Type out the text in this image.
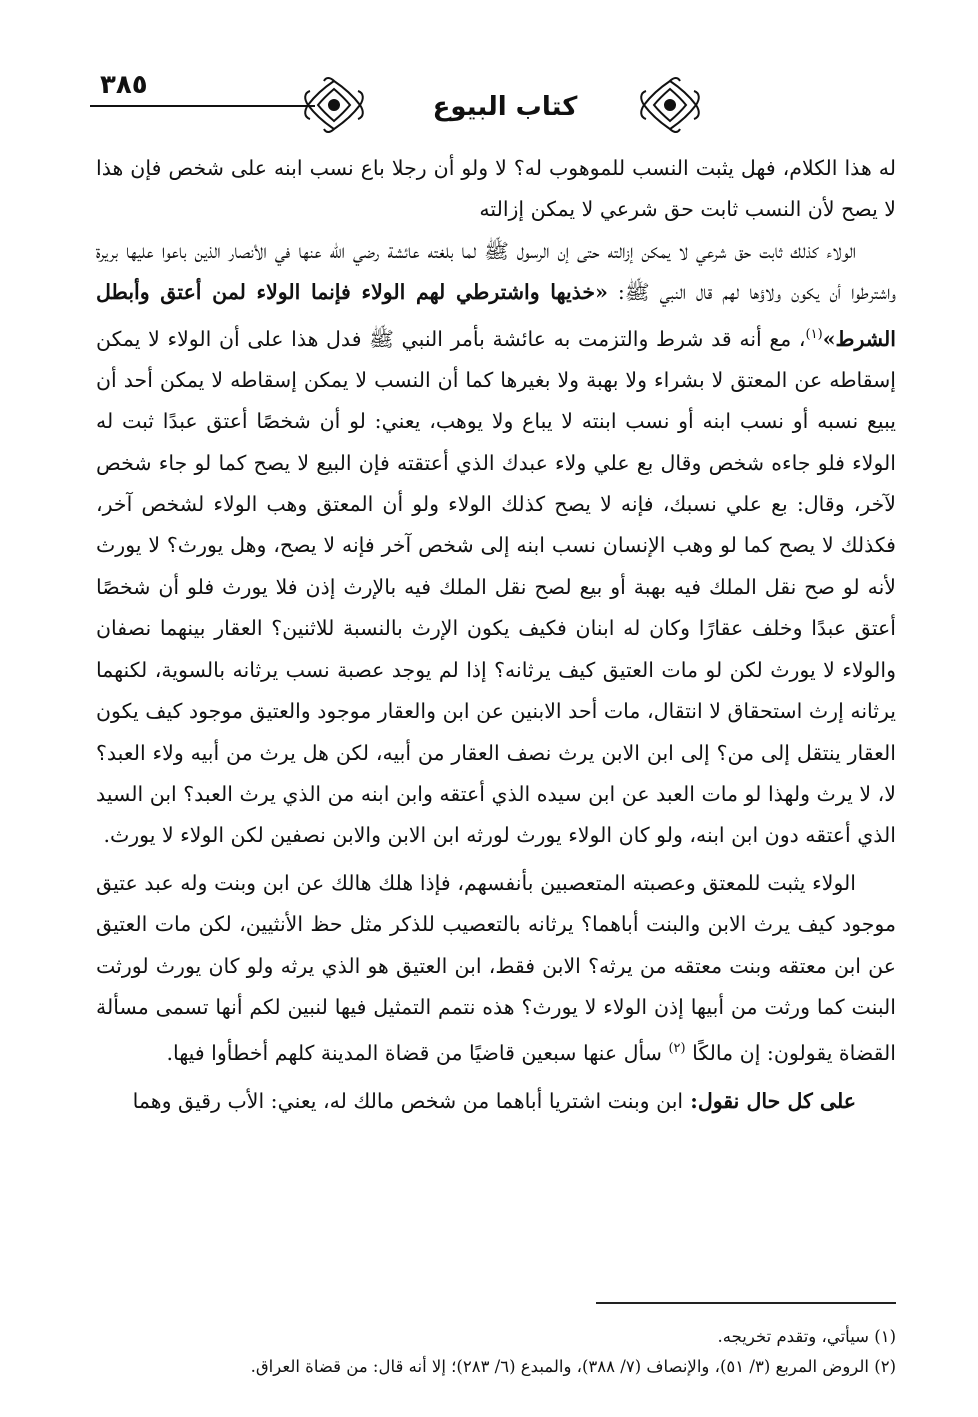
٣٨٥
كتاب البيوع

له هذا الكلام، فهل يثبت النسب للموهوب له؟ لا ولو أن رجلا باع نسب ابنه على شخص فإن هذا لا يصح لأن النسب ثابت حق شرعي لا يمكن إزالته

الولاء كذلك ثابت حق شرعي لا يمكن إزالته حتى إن الرسول ﷺ لما بلغته عائشة رضي الله عنها في الأنصار الذين باعوا عليها بريرة واشترطوا أن يكون ولاؤها لهم قال النبي ﷺ: «خذيها واشترطي لهم الولاء فإنما الولاء لمن أعتق وأبطل الشرط»$^{(١)}$، مع أنه قد شرط والتزمت به عائشة بأمر النبي ﷺ فدل هذا على أن الولاء لا يمكن إسقاطه عن المعتق لا بشراء ولا بهبة ولا بغيرها كما أن النسب لا يمكن إسقاطه لا يمكن أحد أن يبيع نسبه أو نسب ابنه أو نسب ابنته لا يباع ولا يوهب، يعني: لو أن شخصًا أعتق عبدًا ثبت له الولاء فلو جاءه شخص وقال بع علي ولاء عبدك الذي أعتقته فإن البيع لا يصح كما لو جاء شخص لآخر، وقال: بع علي نسبك، فإنه لا يصح كذلك الولاء ولو أن المعتق وهب الولاء لشخص آخر، فكذلك لا يصح كما لو وهب الإنسان نسب ابنه إلى شخص آخر فإنه لا يصح، وهل يورث؟ لا يورث لأنه لو صح نقل الملك فيه بهبة أو بيع لصح نقل الملك فيه بالإرث إذن فلا يورث فلو أن شخصًا أعتق عبدًا وخلف عقارًا وكان له ابنان فكيف يكون الإرث بالنسبة للاثنين؟ العقار بينهما نصفان والولاء لا يورث لكن لو مات العتيق كيف يرثانه؟ إذا لم يوجد عصبة نسب يرثانه بالسوية، لكنهما يرثانه إرث استحقاق لا انتقال، مات أحد الابنين عن ابن والعقار موجود والعتيق موجود كيف يكون العقار ينتقل إلى من؟ إلى ابن الابن يرث نصف العقار من أبيه، لكن هل يرث من أبيه ولاء العبد؟ لا، لا يرث ولهذا لو مات العبد عن ابن سيده الذي أعتقه وابن ابنه من الذي يرث العبد؟ ابن السيد الذي أعتقه دون ابن ابنه، ولو كان الولاء يورث لورثه ابن الابن والابن نصفين لكن الولاء لا يورث.

الولاء يثبت للمعتق وعصبته المتعصبين بأنفسهم، فإذا هلك هالك عن ابن وبنت وله عبد عتيق موجود كيف يرث الابن والبنت أباهما؟ يرثانه بالتعصيب للذكر مثل حظ الأنثيين، لكن مات العتيق عن ابن معتقه وبنت معتقه من يرثه؟ الابن فقط، ابن العتيق هو الذي يرثه ولو كان يورث لورثت البنت كما ورثت من أبيها إذن الولاء لا يورث؟ هذه نتمم التمثيل فيها لنبين لكم أنها تسمى مسألة القضاة يقولون: إن مالكًا $^{(٢)}$ سأل عنها سبعين قاضيًا من قضاة المدينة كلهم أخطأوا فيها.

على كل حال نقول: ابن وبنت اشتريا أباهما من شخص مالك له، يعني: الأب رقيق وهما

(١) سيأتي، وتقدم تخريجه.

(٢) الروض المربع (٣/ ٥١)، والإنصاف (٧/ ٣٨٨)، والمبدع (٦/ ٢٨٣)؛ إلا أنه قال: من قضاة العراق.
